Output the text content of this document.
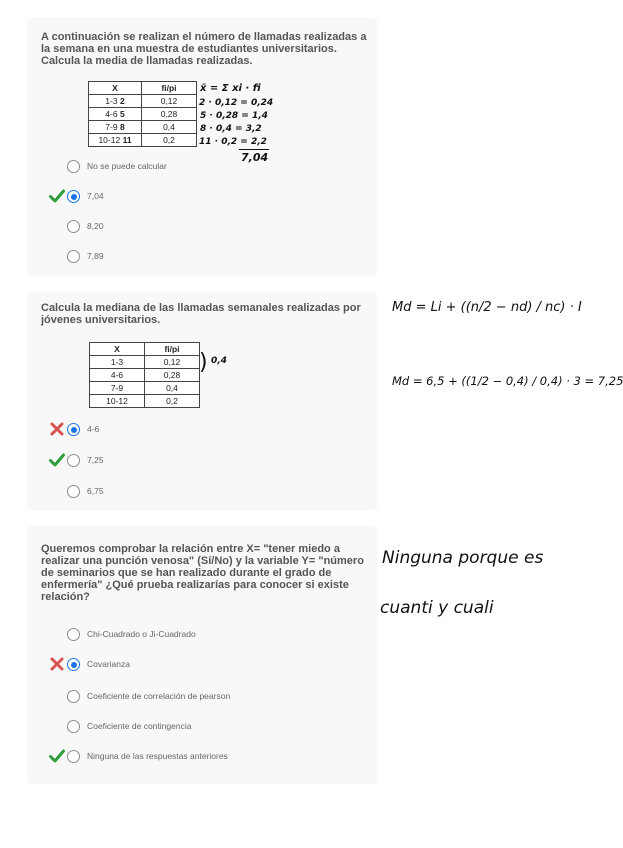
A continuación se realizan el número de llamadas realizadas a la semana en una muestra de estudiantes universitarios. Calcula la media de llamadas realizadas.
X	fi/pi
1-3 2	0,12
4-6 5	0,28
7-9 8	0,4
10-12 11	0,2
x̄ = Σ xi · fi
2 · 0,12 = 0,24
5 · 0,28 = 1,4
8 · 0,4 = 3,2
11 · 0,2 = 2,2
7,04
No se puede calcular
7,04
8,20
7,89
Calcula la mediana de las llamadas semanales realizadas por jóvenes universitarios.
X	fi/pi
1-3	0,12
4-6	0,28
7-9	0,4
10-12	0,2
) 0,4
4-6
7,25
6,75
Md = Li + ((n/2 − nd) / nc) · I
Md = 6,5 + ((1/2 − 0,4) / 0,4) · 3 = 7,25
Queremos comprobar la relación entre X= "tener miedo a realizar una punción venosa" (Sí/No) y la variable Y= "número de seminarios que se han realizado durante el grado de enfermería" ¿Qué prueba realizarías para conocer si existe relación?
Chi-Cuadrado o Ji-Cuadrado
Covarianza
Coeficiente de correlación de pearson
Coeficiente de contingencia
Ninguna de las respuestas anteriores
Ninguna porque es
cuanti y cuali
